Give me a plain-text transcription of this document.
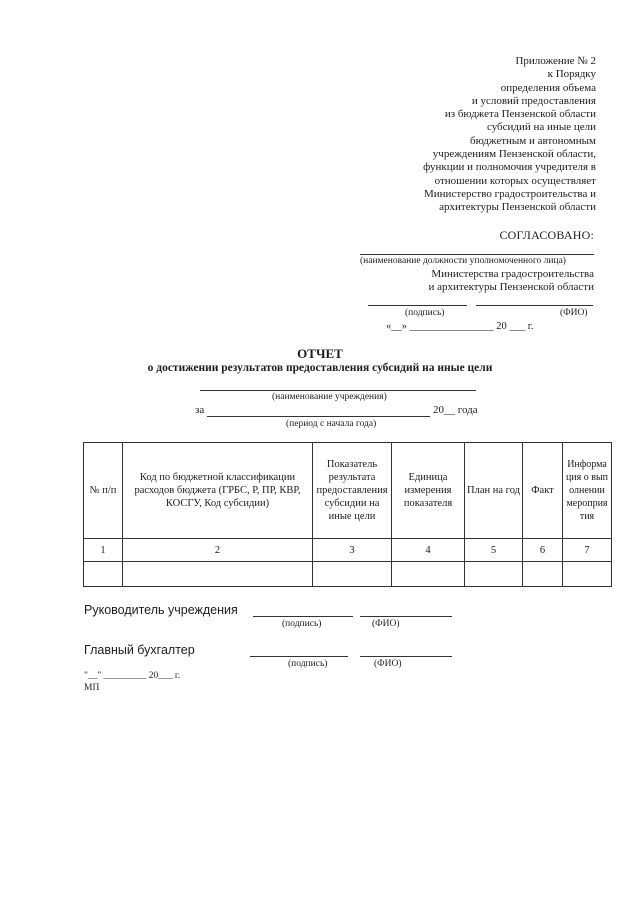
Приложение № 2
к Порядку
определения объема
и условий предоставления
из бюджета Пензенской области
субсидий на иные цели
бюджетным и автономным
учреждениям Пензенской области,
функции и полномочия учредителя в
отношении которых осуществляет
Министерство градостроительства и
архитектуры Пензенской области
СОГЛАСОВАНО:
(наименование должности уполномоченного лица)
Министерства градостроительства
и архитектуры Пензенской области
(подпись)	(ФИО)
«__» ________________ 20 ___ г.
ОТЧЕТ
о достижении результатов предоставления субсидий на иные цели
(наименование учреждения)
за	20__ года
(период с начала года)
№ п/п	Код по бюджетной классификации расходов бюджета (ГРБС, Р, ПР, КВР, КОСГУ, Код субсидии)	Показатель результата предоставления субсидии на иные цели	Единица измерения показателя	План на год	Факт	Информация о выполнении мероприятия
1	2	3	4	5	6	7

Руководитель учреждения
(подпись)	(ФИО)
Главный бухгалтер
(подпись)	(ФИО)
"__" _________ 20___ г.
МП
